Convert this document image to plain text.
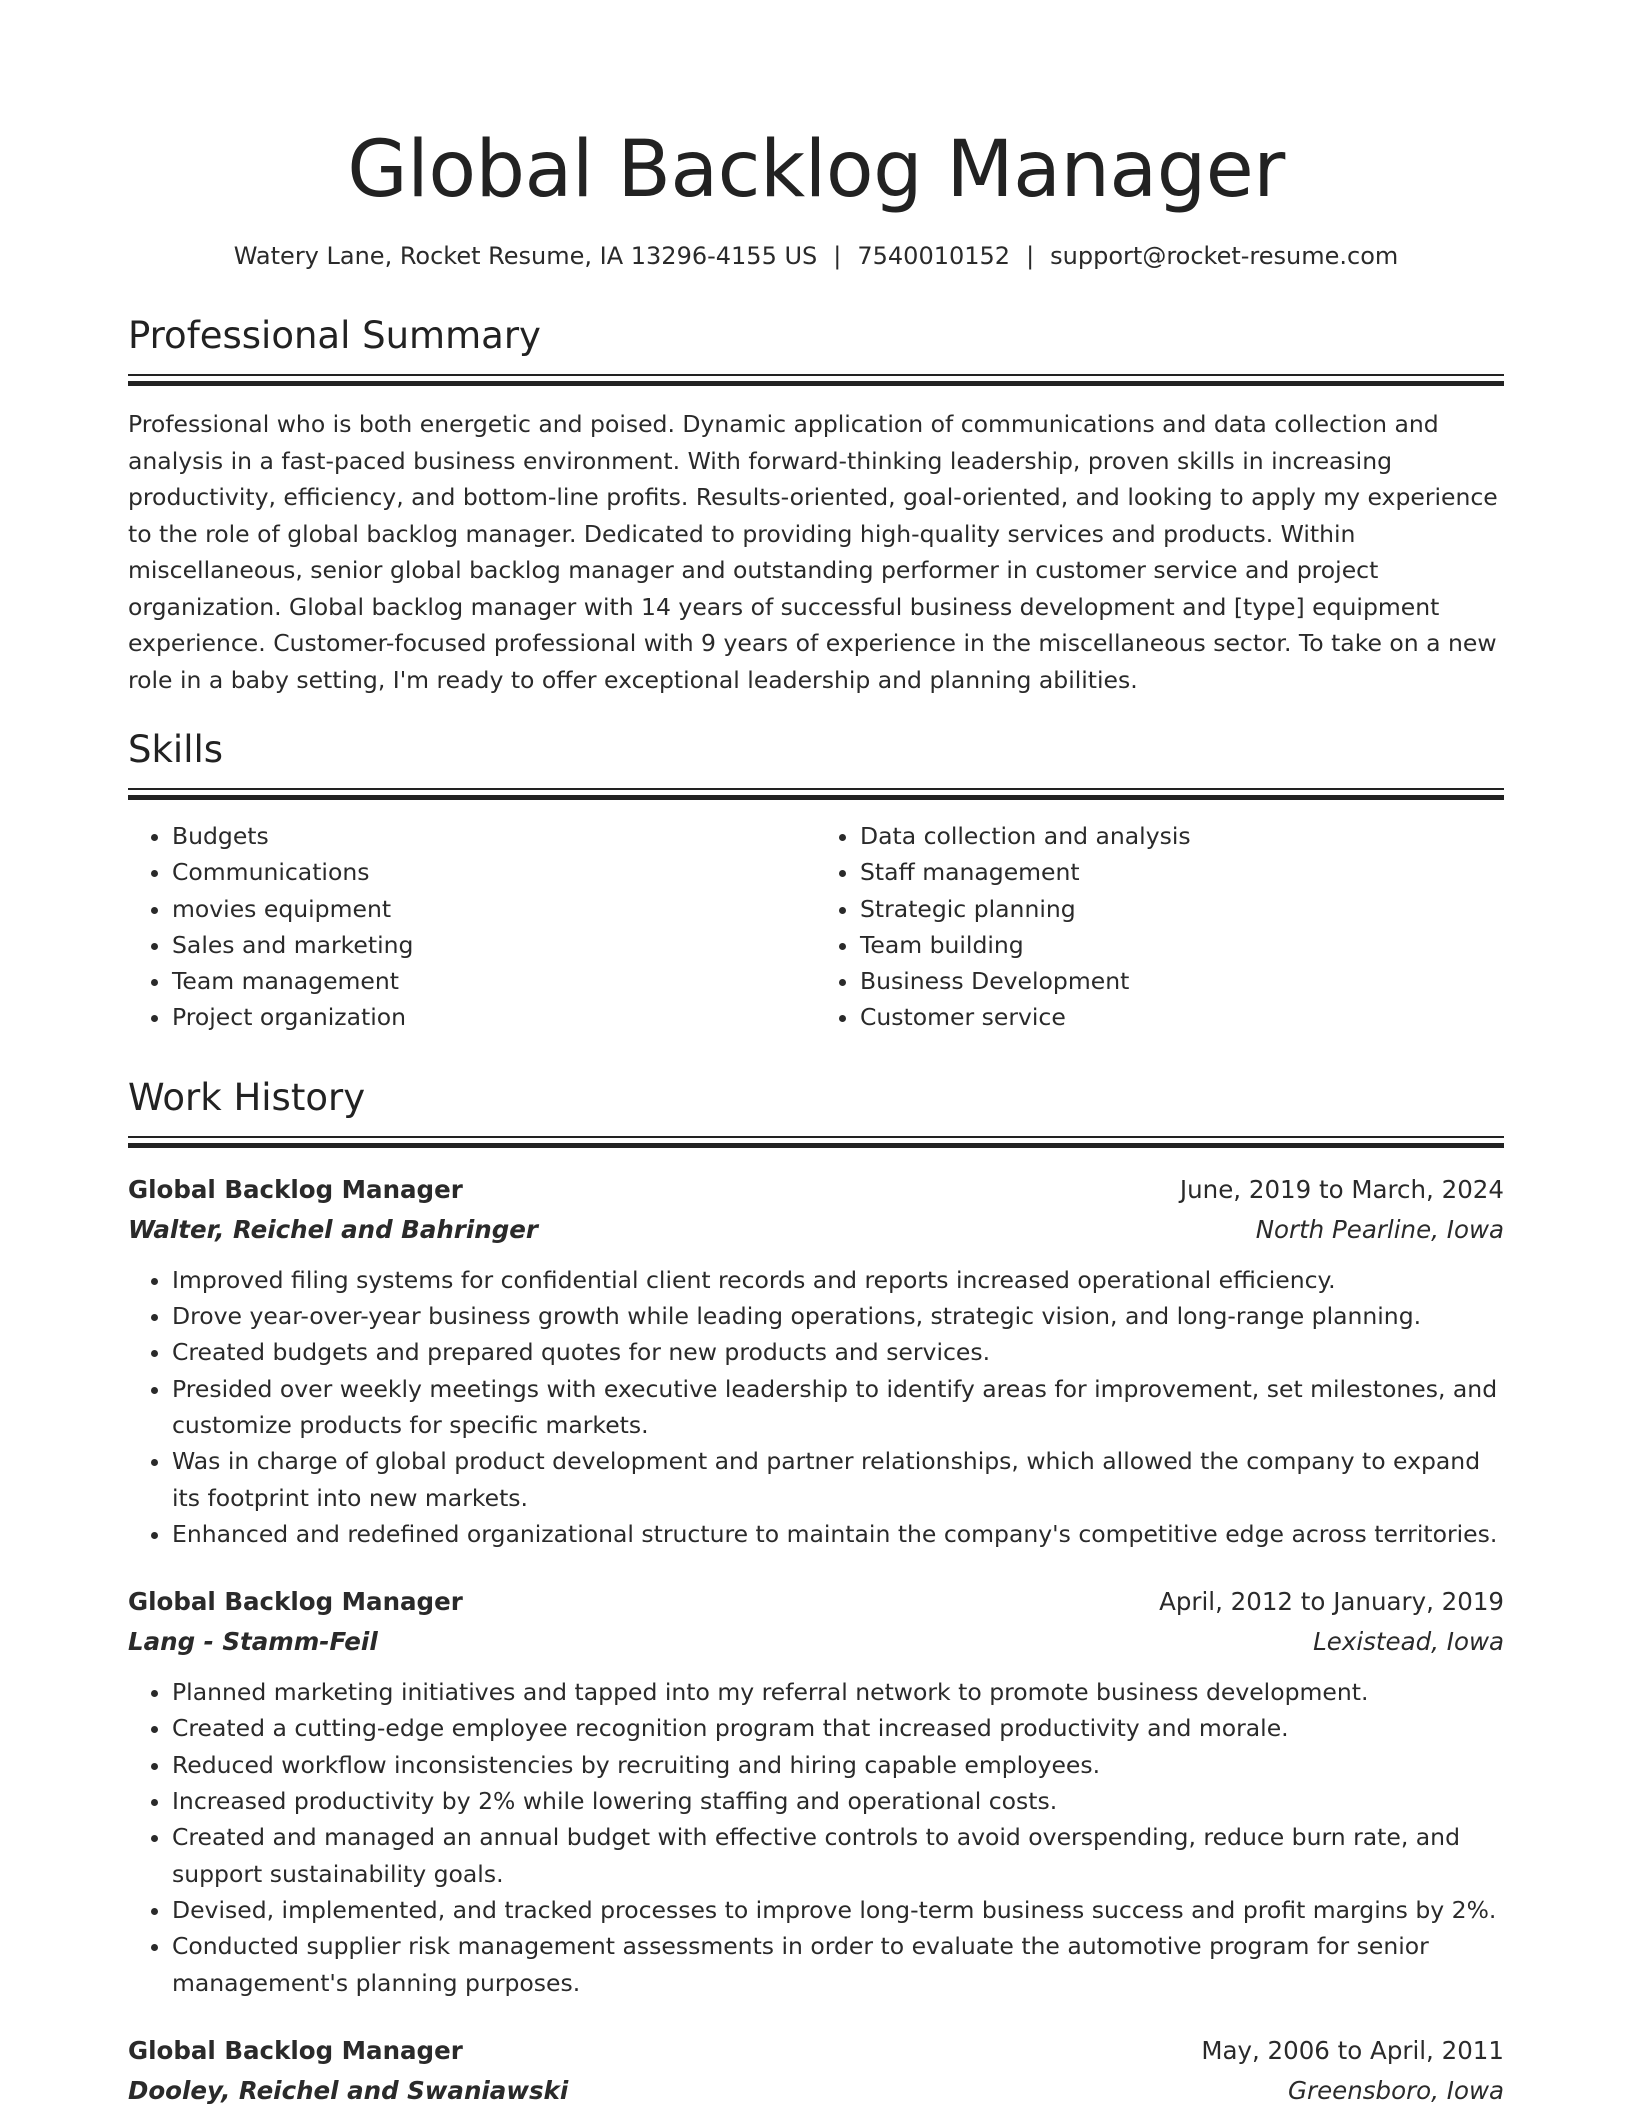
Global Backlog Manager
Watery Lane, Rocket Resume, IA 13296-4155 US | 7540010152 | support@rocket-resume.com
Professional Summary

Professional who is both energetic and poised. Dynamic application of communications and data collection and analysis in a fast-paced business environment. With forward-thinking leadership, proven skills in increasing productivity, efficiency, and bottom-line profits. Results-oriented, goal-oriented, and looking to apply my experience to the role of global backlog manager. Dedicated to providing high-quality services and products. Within miscellaneous, senior global backlog manager and outstanding performer in customer service and project organization. Global backlog manager with 14 years of successful business development and [type] equipment experience. Customer-focused professional with 9 years of experience in the miscellaneous sector. To take on a new role in a baby setting, I'm ready to offer exceptional leadership and planning abilities.

Skills
• Budgets
• Communications
• movies equipment
• Sales and marketing
• Team management
• Project organization
• Data collection and analysis
• Staff management
• Strategic planning
• Team building
• Business Development
• Customer service
Work History
Global Backlog Manager	June, 2019 to March, 2024
Walter, Reichel and Bahringer	North Pearline, Iowa
• Improved filing systems for confidential client records and reports increased operational efficiency.
• Drove year-over-year business growth while leading operations, strategic vision, and long-range planning.
• Created budgets and prepared quotes for new products and services.
• Presided over weekly meetings with executive leadership to identify areas for improvement, set milestones, and customize products for specific markets.
• Was in charge of global product development and partner relationships, which allowed the company to expand its footprint into new markets.
• Enhanced and redefined organizational structure to maintain the company's competitive edge across territories.
Global Backlog Manager	April, 2012 to January, 2019
Lang - Stamm-Feil	Lexistead, Iowa
• Planned marketing initiatives and tapped into my referral network to promote business development.
• Created a cutting-edge employee recognition program that increased productivity and morale.
• Reduced workflow inconsistencies by recruiting and hiring capable employees.
• Increased productivity by 2% while lowering staffing and operational costs.
• Created and managed an annual budget with effective controls to avoid overspending, reduce burn rate, and support sustainability goals.
• Devised, implemented, and tracked processes to improve long-term business success and profit margins by 2%.
• Conducted supplier risk management assessments in order to evaluate the automotive program for senior management's planning purposes.
Global Backlog Manager	May, 2006 to April, 2011
Dooley, Reichel and Swaniawski	Greensboro, Iowa
